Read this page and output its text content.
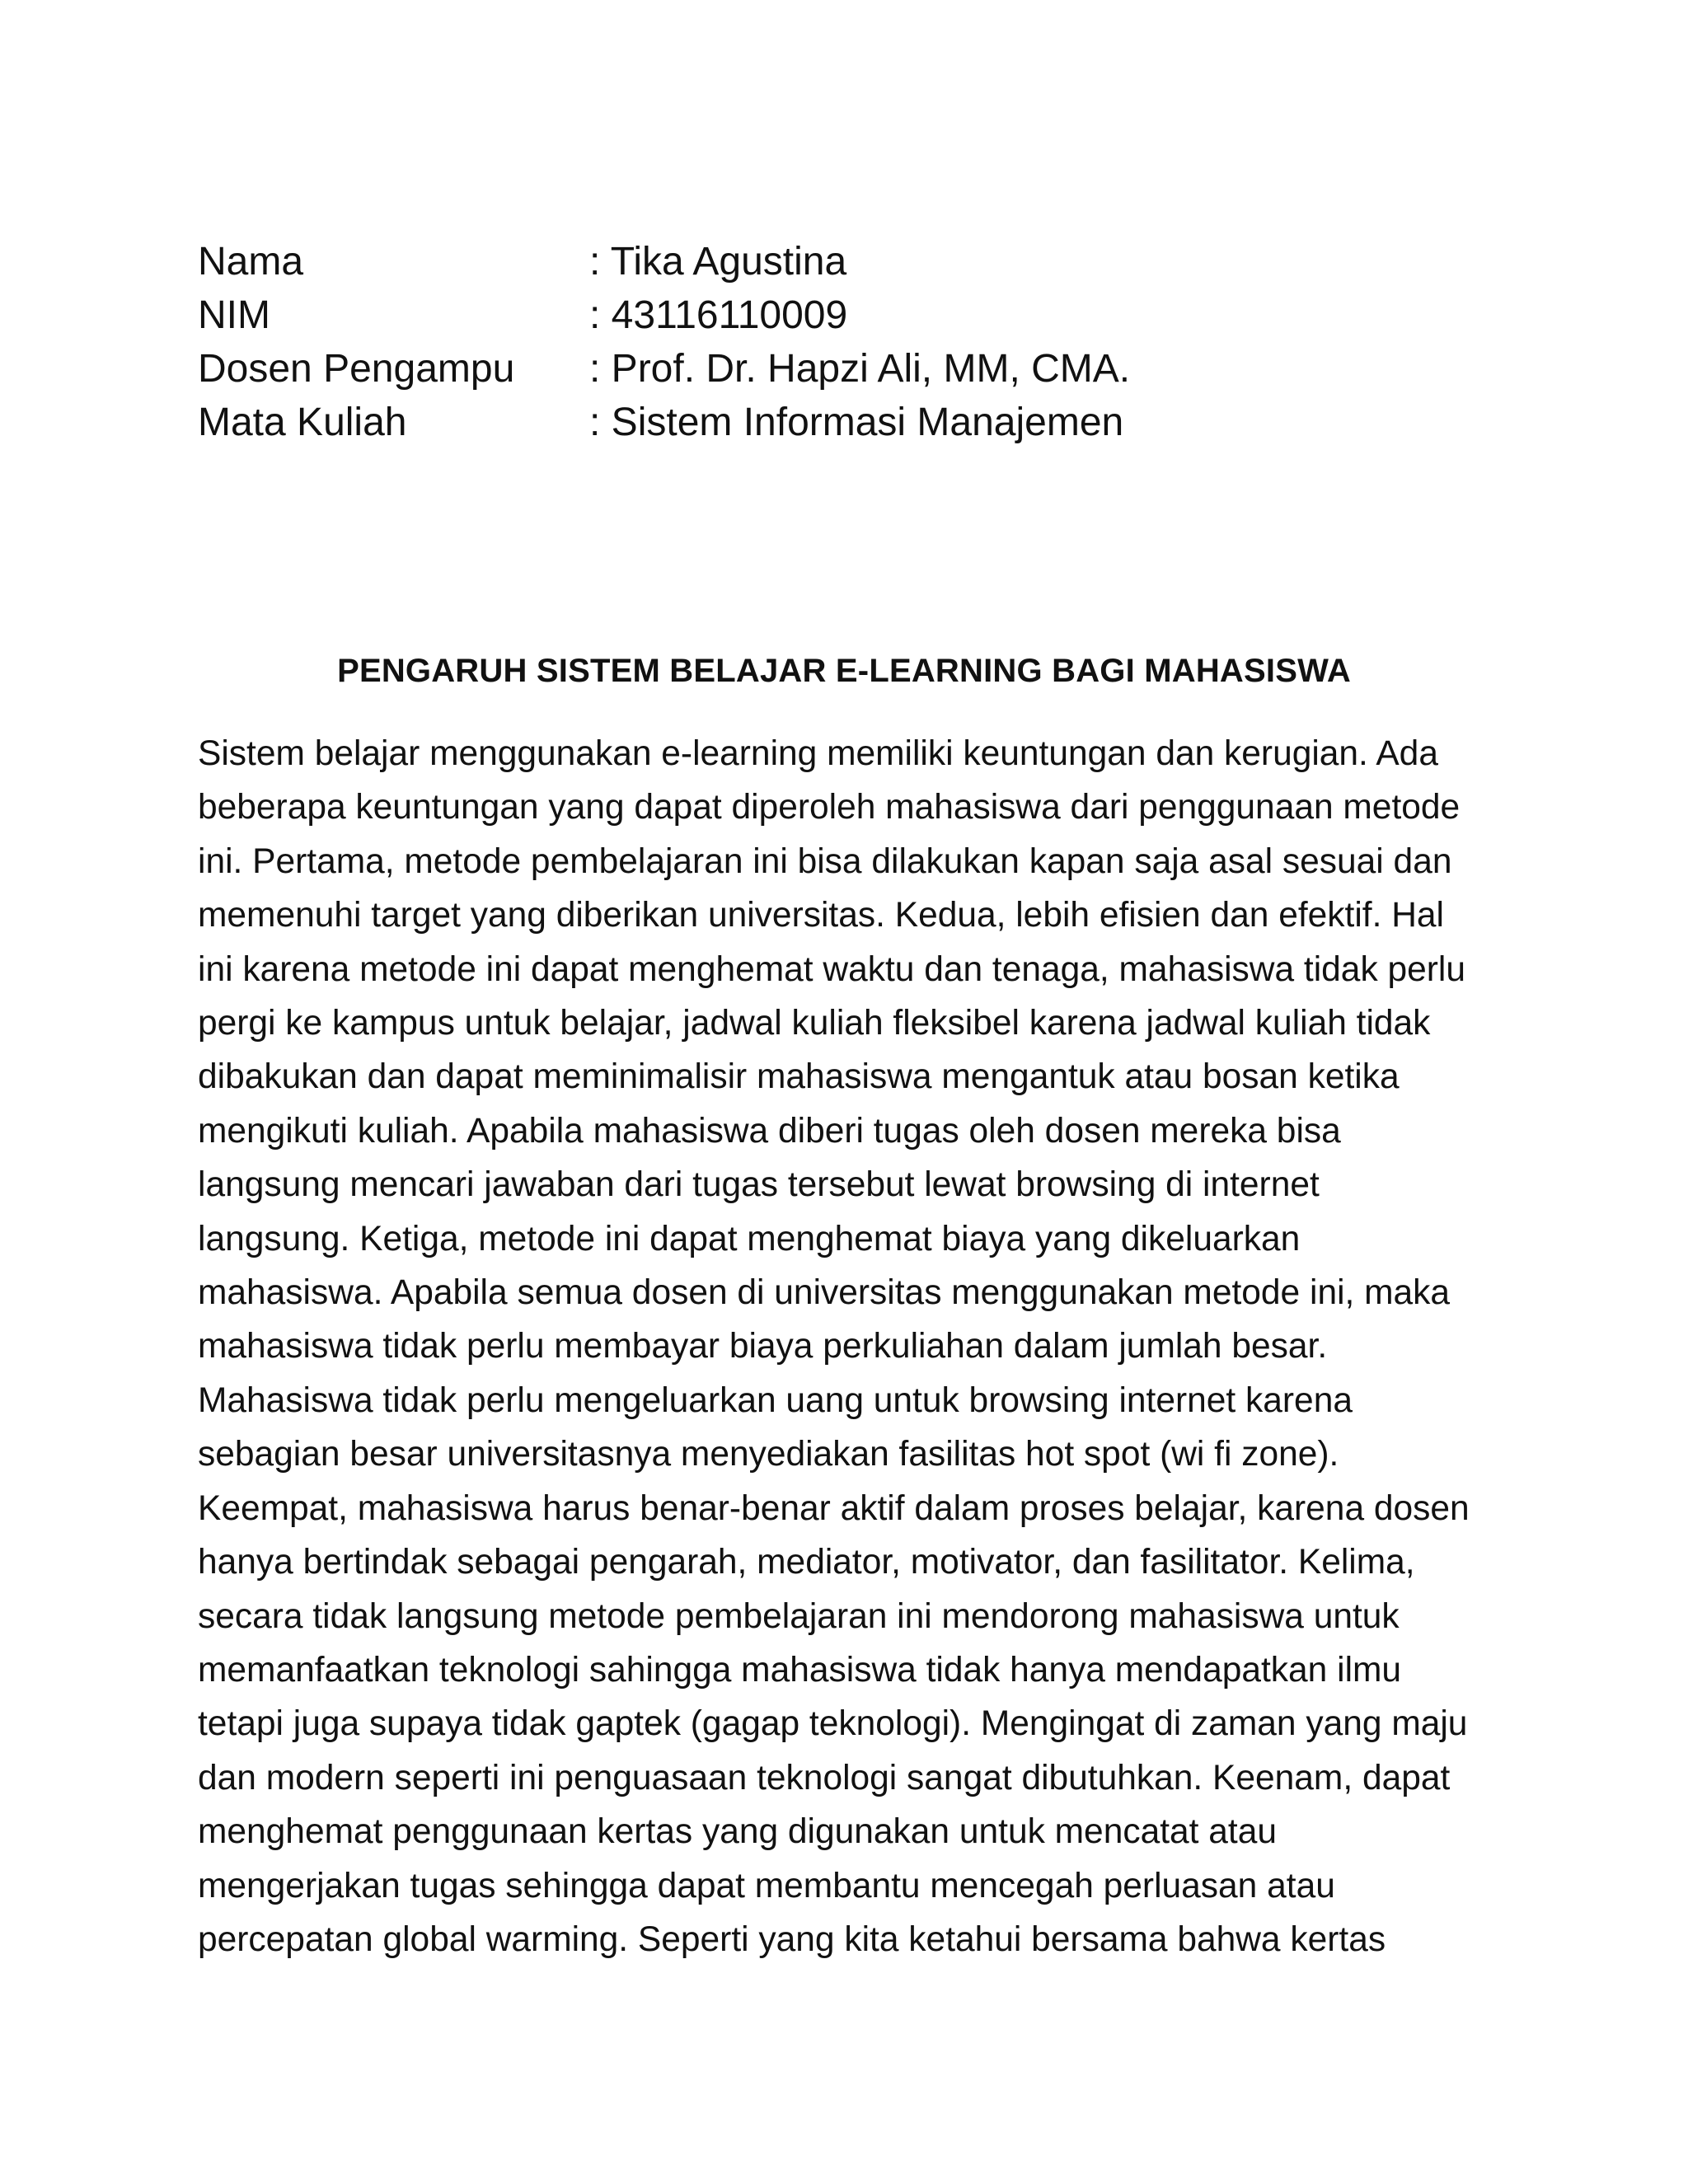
Nama	: Tika Agustina
NIM	: 43116110009
Dosen Pengampu	: Prof. Dr. Hapzi Ali, MM, CMA.
Mata Kuliah	: Sistem Informasi Manajemen
PENGARUH SISTEM BELAJAR E-LEARNING BAGI MAHASISWA
Sistem belajar menggunakan e-learning memiliki keuntungan dan kerugian. Ada
beberapa keuntungan yang dapat diperoleh mahasiswa dari penggunaan metode
ini. Pertama, metode pembelajaran ini bisa dilakukan kapan saja asal sesuai dan
memenuhi target yang diberikan universitas. Kedua, lebih efisien dan efektif. Hal
ini karena metode ini dapat menghemat waktu dan tenaga, mahasiswa tidak perlu
pergi ke kampus untuk belajar, jadwal kuliah fleksibel karena jadwal kuliah tidak
dibakukan dan dapat meminimalisir mahasiswa mengantuk atau bosan ketika
mengikuti kuliah. Apabila mahasiswa diberi tugas oleh dosen mereka bisa
langsung mencari jawaban dari tugas tersebut lewat browsing di internet
langsung. Ketiga, metode ini dapat menghemat biaya yang dikeluarkan
mahasiswa. Apabila semua dosen di universitas menggunakan metode ini, maka
mahasiswa tidak perlu membayar biaya perkuliahan dalam jumlah besar.
Mahasiswa tidak perlu mengeluarkan uang untuk browsing internet karena
sebagian besar universitasnya menyediakan fasilitas hot spot (wi fi zone).
Keempat, mahasiswa harus benar-benar aktif dalam proses belajar, karena dosen
hanya bertindak sebagai pengarah, mediator, motivator, dan fasilitator. Kelima,
secara tidak langsung metode pembelajaran ini mendorong mahasiswa untuk
memanfaatkan teknologi sahingga mahasiswa tidak hanya mendapatkan ilmu
tetapi juga supaya tidak gaptek (gagap teknologi). Mengingat di zaman yang maju
dan modern seperti ini penguasaan teknologi sangat dibutuhkan. Keenam, dapat
menghemat penggunaan kertas yang digunakan untuk mencatat atau
mengerjakan tugas sehingga dapat membantu mencegah perluasan atau
percepatan global warming. Seperti yang kita ketahui bersama bahwa kertas
